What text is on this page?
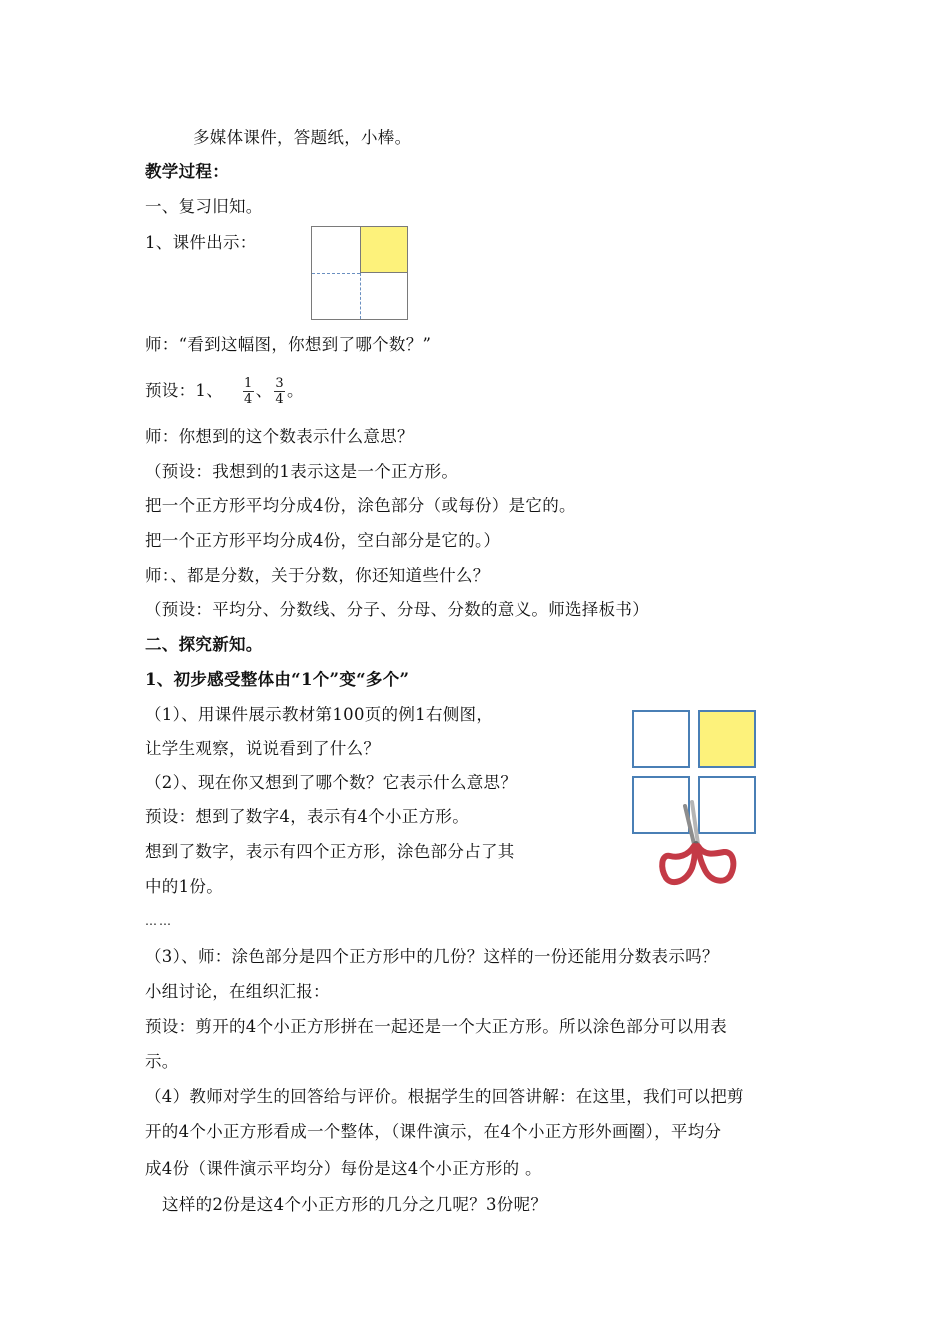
多媒体课件，答题纸，小棒。
教学过程：
一、复习旧知。
1、课件出示：
师：“看到这幅图，你想到了哪个数？”
预设：1、 $\frac{1}{4}$ 、 $\frac{3}{4}$ 。
师：你想到的这个数表示什么意思？
（预设：我想到的1表示这是一个正方形。
把一个正方形平均分成4份，涂色部分（或每份）是它的。
把一个正方形平均分成4份，空白部分是它的。）
师：、都是分数，关于分数，你还知道些什么？
（预设：平均分、分数线、分子、分母、分数的意义。师选择板书）
二、探究新知。
1、初步感受整体由“1个”变“多个”
（1）、用课件展示教材第100页的例1右侧图，
让学生观察，说说看到了什么？
（2）、现在你又想到了哪个数？它表示什么意思？
预设：想到了数字4，表示有4个小正方形。
想到了数字，表示有四个正方形，涂色部分占了其
中的1份。
……
（3）、师：涂色部分是四个正方形中的几份？这样的一份还能用分数表示吗？
小组讨论，在组织汇报：
预设：剪开的4个小正方形拼在一起还是一个大正方形。所以涂色部分可以用表
示。
（4）教师对学生的回答给与评价。根据学生的回答讲解：在这里，我们可以把剪
开的4个小正方形看成一个整体，（课件演示，在4个小正方形外画圈），平均分
成4份（课件演示平均分）每份是这4个小正方形的 。
这样的2份是这4个小正方形的几分之几呢？3份呢？
